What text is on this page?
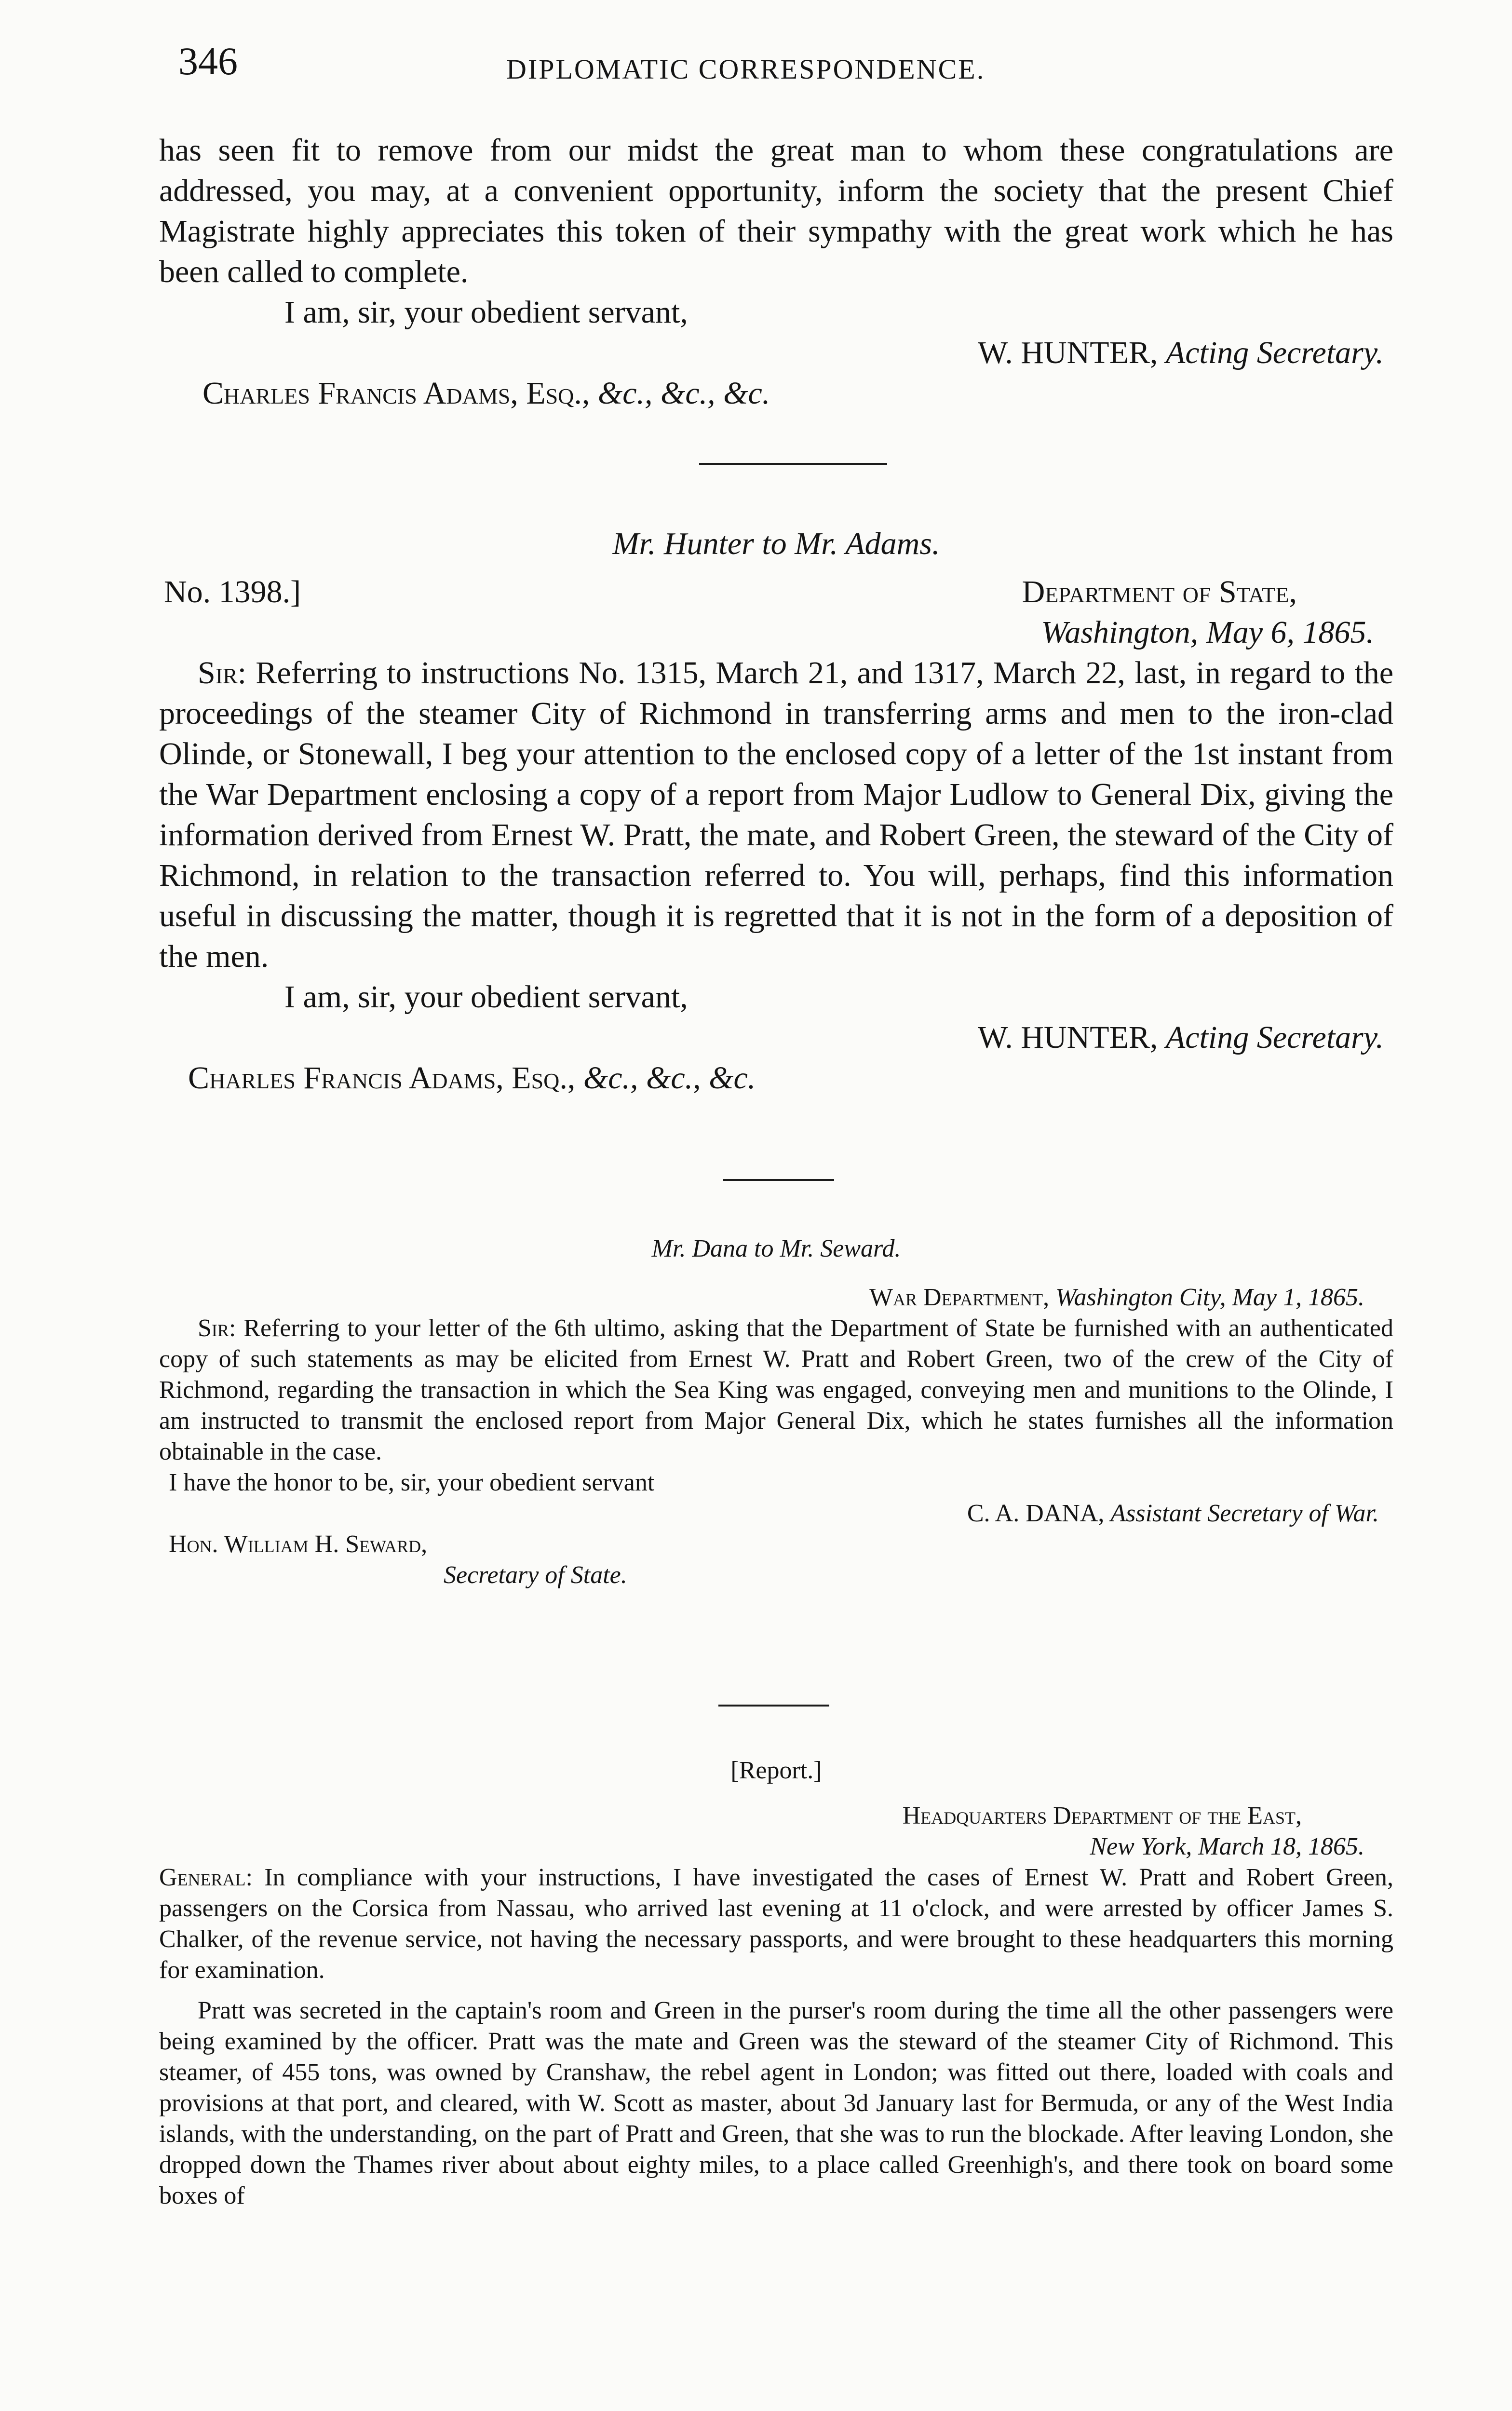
346	DIPLOMATIC CORRESPONDENCE.

has seen fit to remove from our midst the great man to whom these congratulations are addressed, you may, at a convenient opportunity, inform the society that the present Chief Magistrate highly appreciates this token of their sympathy with the great work which he has been called to complete.

I am, sir, your obedient servant,

W. HUNTER, Acting Secretary.

Charles Francis Adams, Esq., &c., &c., &c.

Mr. Hunter to Mr. Adams.

No. 1398.]	Department of State,

Washington, May 6, 1865.

Sir: Referring to instructions No. 1315, March 21, and 1317, March 22, last, in regard to the proceedings of the steamer City of Richmond in transferring arms and men to the iron-clad Olinde, or Stonewall, I beg your attention to the enclosed copy of a letter of the 1st instant from the War Department enclosing a copy of a report from Major Ludlow to General Dix, giving the information derived from Ernest W. Pratt, the mate, and Robert Green, the steward of the City of Richmond, in relation to the transaction referred to. You will, perhaps, find this information useful in discussing the matter, though it is regretted that it is not in the form of a deposition of the men.

I am, sir, your obedient servant,

W. HUNTER, Acting Secretary.

Charles Francis Adams, Esq., &c., &c., &c.

Mr. Dana to Mr. Seward.

War Department, Washington City, May 1, 1865.

Sir: Referring to your letter of the 6th ultimo, asking that the Department of State be furnished with an authenticated copy of such statements as may be elicited from Ernest W. Pratt and Robert Green, two of the crew of the City of Richmond, regarding the transaction in which the Sea King was engaged, conveying men and munitions to the Olinde, I am instructed to transmit the enclosed report from Major General Dix, which he states furnishes all the information obtainable in the case.

I have the honor to be, sir, your obedient servant

C. A. DANA, Assistant Secretary of War.

Hon. William H. Seward,

Secretary of State.

[Report.]

Headquarters Department of the East,

New York, March 18, 1865.

General: In compliance with your instructions, I have investigated the cases of Ernest W. Pratt and Robert Green, passengers on the Corsica from Nassau, who arrived last evening at 11 o'clock, and were arrested by officer James S. Chalker, of the revenue service, not having the necessary passports, and were brought to these headquarters this morning for examination.

Pratt was secreted in the captain's room and Green in the purser's room during the time all the other passengers were being examined by the officer. Pratt was the mate and Green was the steward of the steamer City of Richmond. This steamer, of 455 tons, was owned by Cranshaw, the rebel agent in London; was fitted out there, loaded with coals and provisions at that port, and cleared, with W. Scott as master, about 3d January last for Bermuda, or any of the West India islands, with the understanding, on the part of Pratt and Green, that she was to run the blockade. After leaving London, she dropped down the Thames river about about eighty miles, to a place called Greenhigh's, and there took on board some boxes of
